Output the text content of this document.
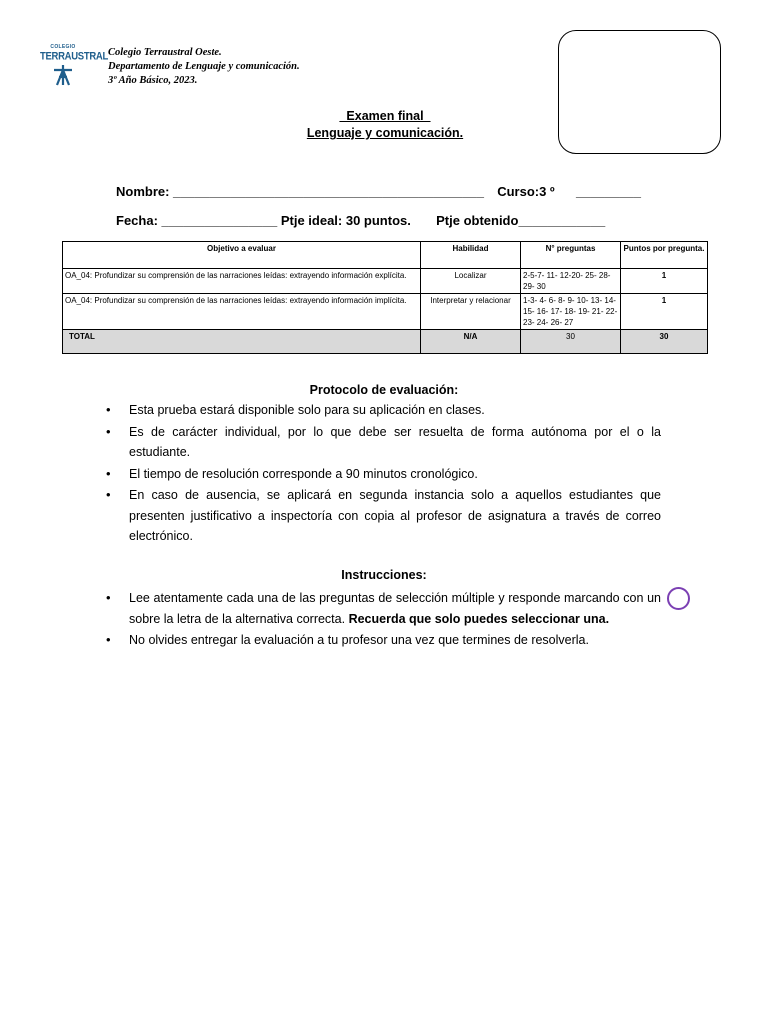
COLEGIO
TERRAUSTRAL Colegio Terraustral Oeste.
Departamento de Lenguaje y comunicación.
3º Año Básico, 2023.
_Examen final_
Lenguaje y comunicación.
Nombre: ___________________________________________ Curso:3 º _________
Fecha: ________________ Ptje ideal: 30 puntos. Ptje obtenido____________
Objetivo a evaluar	Habilidad	N° preguntas	Puntos por pregunta.
OA_04: Profundizar su comprensión de las narraciones leídas: extrayendo información explícita.	Localizar	2-5-7- 11- 12-20- 25- 28- 29- 30	1
OA_04: Profundizar su comprensión de las narraciones leídas: extrayendo información implícita.	Interpretar y relacionar	1-3- 4- 6- 8- 9- 10- 13- 14- 15- 16- 17- 18- 19- 21- 22- 23- 24- 26- 27	1
TOTAL	N/A	30	30
Protocolo de evaluación:
• Esta prueba estará disponible solo para su aplicación en clases.
• Es de carácter individual, por lo que debe ser resuelta de forma autónoma por el o la estudiante.
• El tiempo de resolución corresponde a 90 minutos cronológico.
• En caso de ausencia, se aplicará en segunda instancia solo a aquellos estudiantes que presenten justificativo a inspectoría con copia al profesor de asignatura a través de correo electrónico.
Instrucciones:
• Lee atentamente cada una de las preguntas de selección múltiple y responde marcando con un sobre la letra de la alternativa correcta. Recuerda que solo puedes seleccionar una.
• No olvides entregar la evaluación a tu profesor una vez que termines de resolverla.
